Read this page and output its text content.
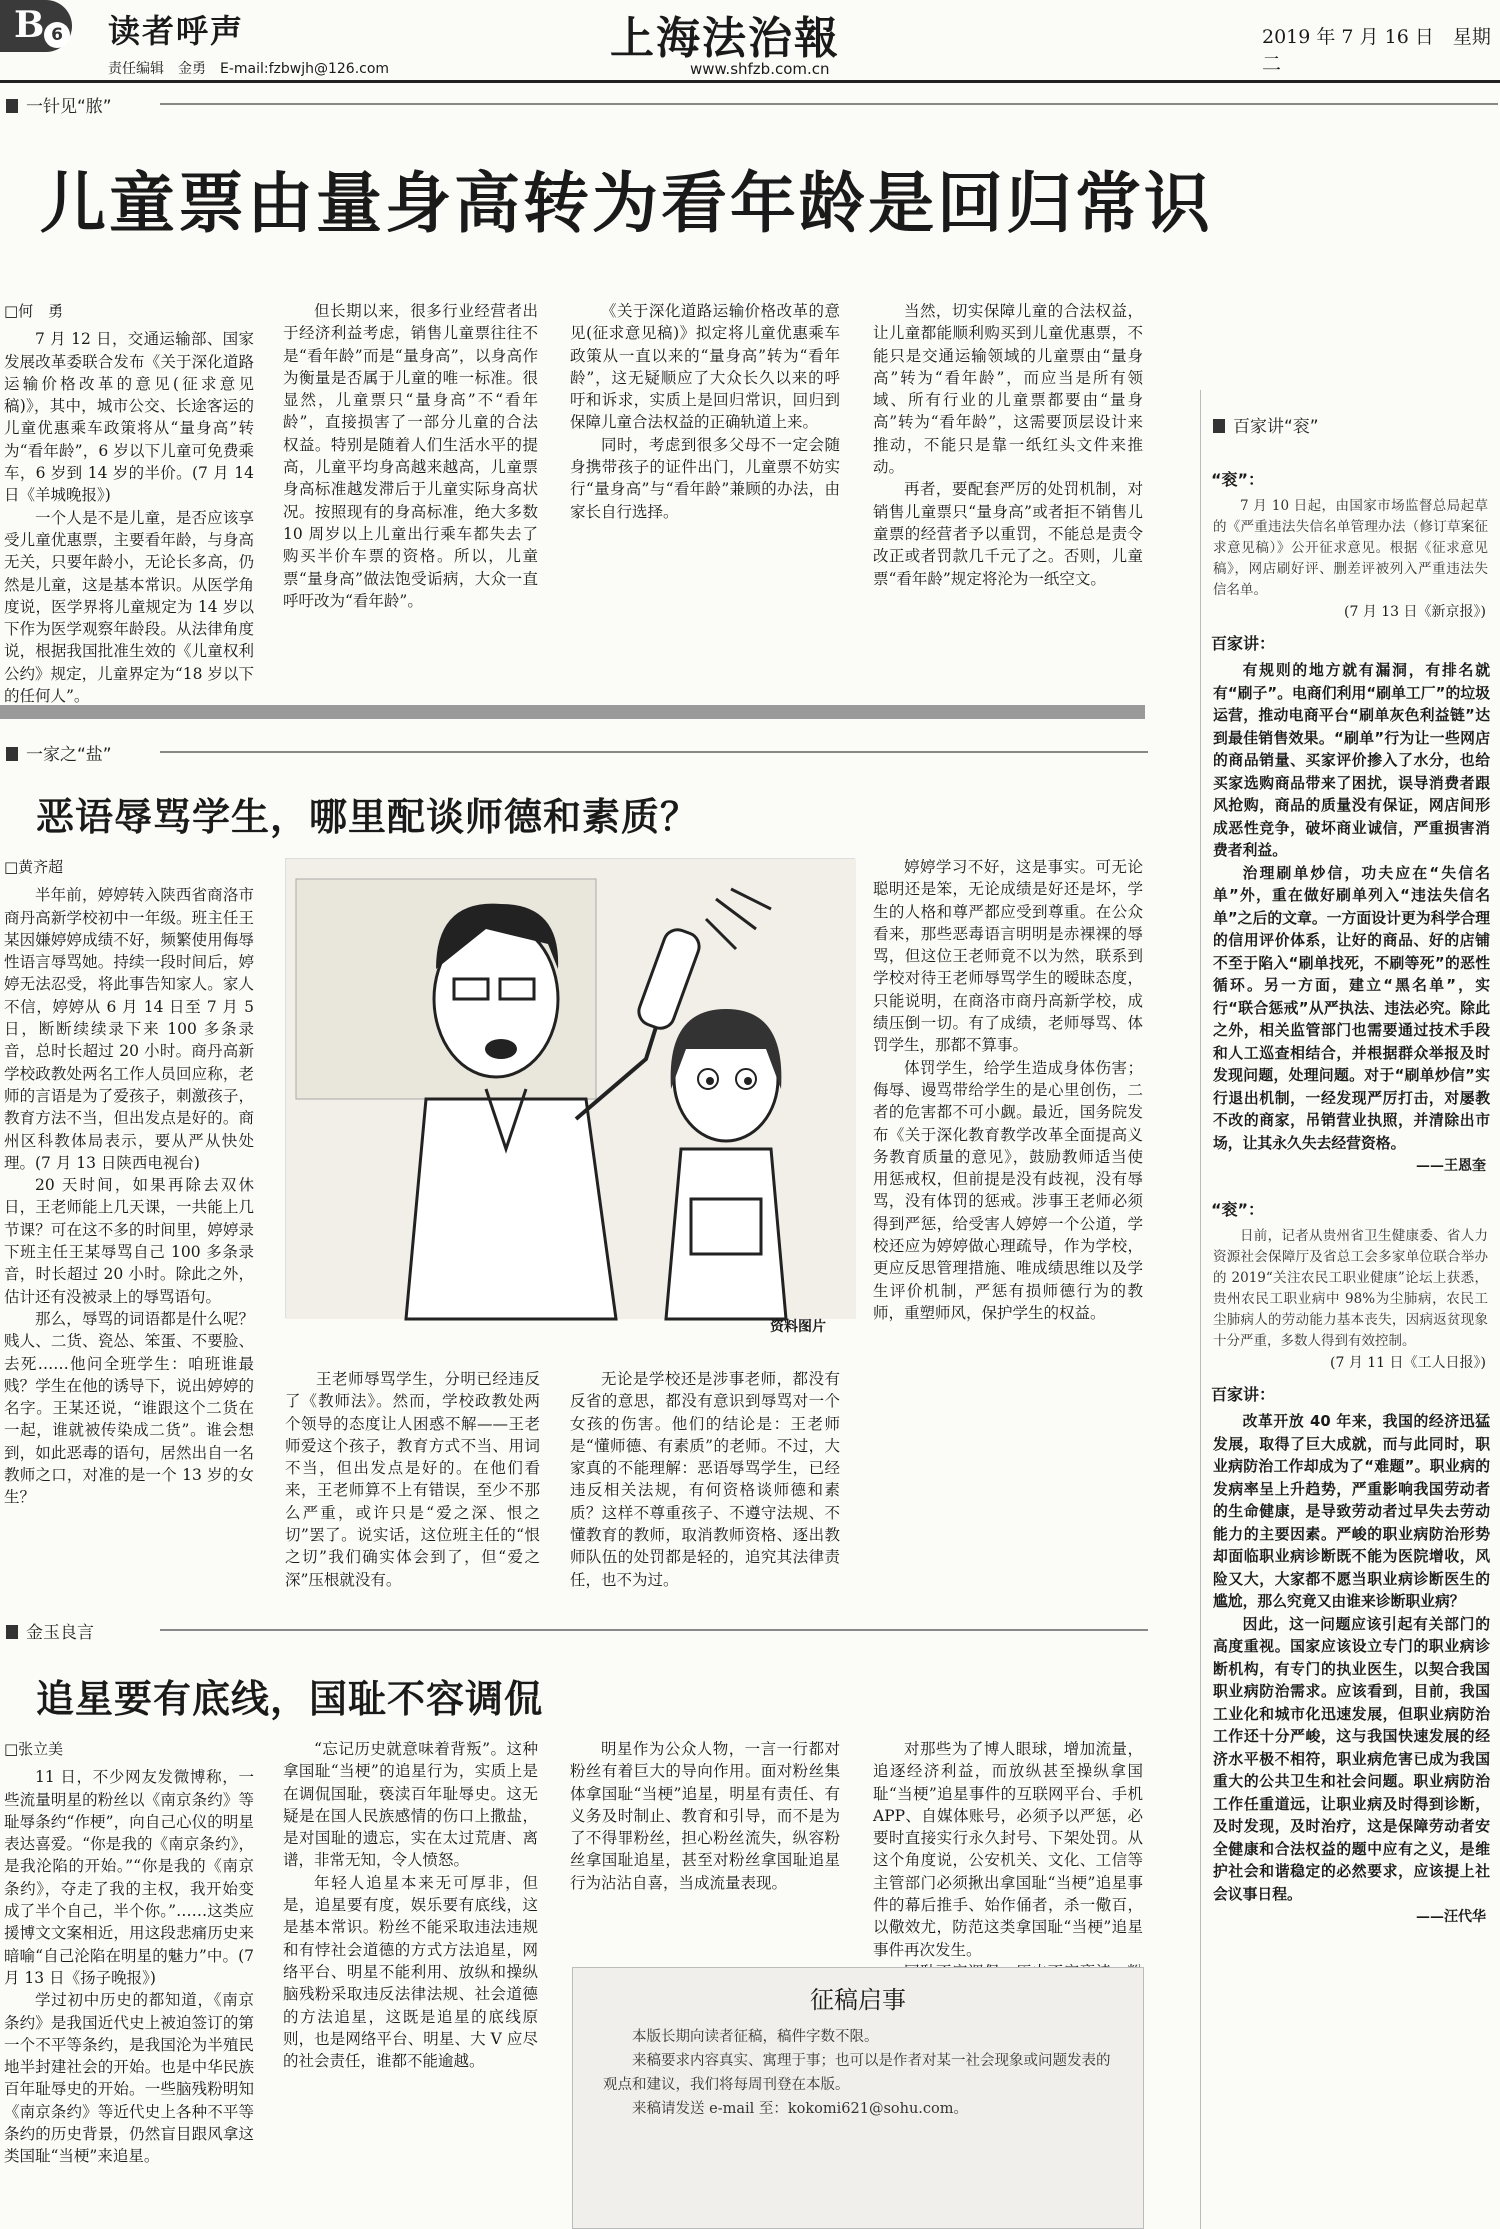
B 6 读者呼声
责任编辑　金勇　E-mail:fzbwjh@126.com
上海法治報
www.shfzb.com.cn
2019 年 7 月 16 日　星期二
一针见“脓”
儿童票由量身高转为看年龄是回归常识
□何　勇

7 月 12 日，交通运输部、国家发展改革委联合发布《关于深化道路运输价格改革的意见(征求意见稿)》，其中，城市公交、长途客运的儿童优惠乘车政策将从“量身高”转为“看年龄”，6 岁以下儿童可免费乘车，6 岁到 14 岁的半价。(7 月 14 日《羊城晚报》)

一个人是不是儿童，是否应该享受儿童优惠票，主要看年龄，与身高无关，只要年龄小，无论长多高，仍然是儿童，这是基本常识。从医学角度说，医学界将儿童规定为 14 岁以下作为医学观察年龄段。从法律角度说，根据我国批准生效的《儿童权利公约》规定，儿童界定为“18 岁以下的任何人”。

但长期以来，很多行业经营者出于经济利益考虑，销售儿童票往往不是“看年龄”而是“量身高”，以身高作为衡量是否属于儿童的唯一标准。很显然，儿童票只“量身高”不“看年龄”，直接损害了一部分儿童的合法权益。特别是随着人们生活水平的提高，儿童平均身高越来越高，儿童票身高标准越发滞后于儿童实际身高状况。按照现有的身高标准，绝大多数 10 周岁以上儿童出行乘车都失去了购买半价车票的资格。所以，儿童票“量身高”做法饱受诟病，大众一直呼吁改为“看年龄”。

《关于深化道路运输价格改革的意见(征求意见稿)》拟定将儿童优惠乘车政策从一直以来的“量身高”转为“看年龄”，这无疑顺应了大众长久以来的呼吁和诉求，实质上是回归常识，回归到保障儿童合法权益的正确轨道上来。

同时，考虑到很多父母不一定会随身携带孩子的证件出门，儿童票不妨实行“量身高”与“看年龄”兼顾的办法，由家长自行选择。

当然，切实保障儿童的合法权益，让儿童都能顺利购买到儿童优惠票，不能只是交通运输领域的儿童票由“量身高”转为“看年龄”，而应当是所有领域、所有行业的儿童票都要由“量身高”转为“看年龄”，这需要顶层设计来推动，不能只是靠一纸红头文件来推动。

再者，要配套严厉的处罚机制，对销售儿童票只“量身高”或者拒不销售儿童票的经营者予以重罚，不能总是责令改正或者罚款几千元了之。否则，儿童票“看年龄”规定将沦为一纸空文。

一家之“盐”
恶语辱骂学生，哪里配谈师德和素质？
□黄齐超

半年前，婷婷转入陕西省商洛市商丹高新学校初中一年级。班主任王某因嫌婷婷成绩不好，频繁使用侮辱性语言辱骂她。持续一段时间后，婷婷无法忍受，将此事告知家人。家人不信，婷婷从 6 月 14 日至 7 月 5 日，断断续续录下来 100 多条录音，总时长超过 20 小时。商丹高新学校政教处两名工作人员回应称，老师的言语是为了爱孩子，刺激孩子，教育方法不当，但出发点是好的。商州区科教体局表示，要从严从快处理。(7 月 13 日陕西电视台)

20 天时间，如果再除去双休日，王老师能上几天课，一共能上几节课？可在这不多的时间里，婷婷录下班主任王某辱骂自己 100 多条录音，时长超过 20 小时。除此之外，估计还有没被录上的辱骂语句。

那么，辱骂的词语都是什么呢？贱人、二货、瓷怂、笨蛋、不要脸、去死……他问全班学生：咱班谁最贱？学生在他的诱导下，说出婷婷的名字。王某还说，“谁跟这个二货在一起，谁就被传染成二货”。谁会想到，如此恶毒的语句，居然出自一名教师之口，对准的是一个 13 岁的女生？

资料图片

王老师辱骂学生，分明已经违反了《教师法》。然而，学校政教处两个领导的态度让人困惑不解——王老师爱这个孩子，教育方式不当、用词不当，但出发点是好的。在他们看来，王老师算不上有错误，至少不那么严重，或许只是“爱之深、恨之切”罢了。说实话，这位班主任的“恨之切”我们确实体会到了，但“爱之深”压根就没有。

无论是学校还是涉事老师，都没有反省的意思，都没有意识到辱骂对一个女孩的伤害。他们的结论是：王老师是“懂师德、有素质”的老师。不过，大家真的不能理解：恶语辱骂学生，已经违反相关法规，有何资格谈师德和素质？这样不尊重孩子、不遵守法规、不懂教育的教师，取消教师资格、逐出教师队伍的处罚都是轻的，追究其法律责任，也不为过。

婷婷学习不好，这是事实。可无论聪明还是笨，无论成绩是好还是坏，学生的人格和尊严都应受到尊重。在公众看来，那些恶毒语言明明是赤裸裸的辱骂，但这位王老师竟不以为然，联系到学校对待王老师辱骂学生的暧昧态度，只能说明，在商洛市商丹高新学校，成绩压倒一切。有了成绩，老师辱骂、体罚学生，那都不算事。

体罚学生，给学生造成身体伤害；侮辱、谩骂带给学生的是心里创伤，二者的危害都不可小觑。最近，国务院发布《关于深化教育教学改革全面提高义务教育质量的意见》，鼓励教师适当使用惩戒权，但前提是没有歧视，没有辱骂，没有体罚的惩戒。涉事王老师必须得到严惩，给受害人婷婷一个公道，学校还应为婷婷做心理疏导，作为学校，更应反思管理措施、唯成绩思维以及学生评价机制，严惩有损师德行为的教师，重塑师风，保护学生的权益。

金玉良言
追星要有底线，国耻不容调侃
□张立美

11 日，不少网友发微博称，一些流量明星的粉丝以《南京条约》等耻辱条约“作梗”，向自己心仪的明星表达喜爱。“你是我的《南京条约》，是我沦陷的开始。”“你是我的《南京条约》，夺走了我的主权，我开始变成了半个自己，半个你。”……这类应援博文文案相近，用这段悲痛历史来暗喻“自己沦陷在明星的魅力”中。(7 月 13 日《扬子晚报》)

学过初中历史的都知道，《南京条约》是我国近代史上被迫签订的第一个不平等条约，是我国沦为半殖民地半封建社会的开始。也是中华民族百年耻辱史的开始。一些脑残粉明知《南京条约》等近代史上各种不平等条约的历史背景，仍然盲目跟风拿这类国耻“当梗”来追星。

“忘记历史就意味着背叛”。这种拿国耻“当梗”的追星行为，实质上是在调侃国耻，亵渎百年耻辱史。这无疑是在国人民族感情的伤口上撒盐，是对国耻的遗忘，实在太过荒唐、离谱，非常无知，令人愤怒。

年轻人追星本来无可厚非，但是，追星要有度，娱乐要有底线，这是基本常识。粉丝不能采取违法违规和有悖社会道德的方式方法追星，网络平台、明星不能利用、放纵和操纵脑残粉采取违反法律法规、社会道德的方法追星，这既是追星的底线原则，也是网络平台、明星、大 V 应尽的社会责任，谁都不能逾越。

明星作为公众人物，一言一行都对粉丝有着巨大的导向作用。面对粉丝集体拿国耻“当梗”追星，明星有责任、有义务及时制止、教育和引导，而不是为了不得罪粉丝，担心粉丝流失，纵容粉丝拿国耻追星，甚至对粉丝拿国耻追星行为沾沾自喜，当成流量表现。

对那些为了博人眼球，增加流量，追逐经济利益，而放纵甚至操纵拿国耻“当梗”追星事件的互联网平台、手机 APP、自媒体账号，必须予以严惩，必要时直接实行永久封号、下架处罚。从这个角度说，公安机关、文化、工信等主管部门必须揪出拿国耻“当梗”追星事件的幕后推手、始作俑者，杀一儆百，以儆效尤，防范这类拿国耻“当梗”追星事件再次发生。

征稿启事

本版长期向读者征稿，稿件字数不限。

来稿要求内容真实、寓理于事；也可以是作者对某一社会现象或问题发表的观点和建议，我们将每周刊登在本版。

来稿请发送 e-mail 至：kokomi621@sohu.com。

百家讲“衮”
“衮”：

7 月 10 日起，由国家市场监督总局起草的《严重违法失信名单管理办法（修订草案征求意见稿）》公开征求意见。根据《征求意见稿》，网店刷好评、删差评被列入严重违法失信名单。

(7 月 13 日《新京报》)
百家讲：

有规则的地方就有漏洞，有排名就有“刷子”。电商们利用“刷单工厂”的垃圾运营，推动电商平台“刷单灰色利益链”达到最佳销售效果。“刷单”行为让一些网店的商品销量、买家评价掺入了水分，也给买家选购商品带来了困扰，误导消费者跟风抢购，商品的质量没有保证，网店间形成恶性竞争，破坏商业诚信，严重损害消费者利益。

治理刷单炒信，功夫应在“失信名单”外，重在做好刷单列入“违法失信名单”之后的文章。一方面设计更为科学合理的信用评价体系，让好的商品、好的店铺不至于陷入“刷单找死，不刷等死”的恶性循环。另一方面，建立“黑名单”，实行“联合惩戒”从严执法、违法必究。除此之外，相关监管部门也需要通过技术手段和人工巡查相结合，并根据群众举报及时发现问题，处理问题。对于“刷单炒信”实行退出机制，一经发现严厉打击，对屡教不改的商家，吊销营业执照，并清除出市场，让其永久失去经营资格。

——王恩奎
“衮”：

日前，记者从贵州省卫生健康委、省人力资源社会保障厅及省总工会多家单位联合举办的 2019“关注农民工职业健康”论坛上获悉，贵州农民工职业病中 98%为尘肺病，农民工尘肺病人的劳动能力基本丧失，因病返贫现象十分严重，多数人得到有效控制。

(7 月 11 日《工人日报》)
百家讲：

改革开放 40 年来，我国的经济迅猛发展，取得了巨大成就，而与此同时，职业病防治工作却成为了“难题”。职业病的发病率呈上升趋势，严重影响我国劳动者的生命健康，是导致劳动者过早失去劳动能力的主要因素。严峻的职业病防治形势却面临职业病诊断既不能为医院增收，风险又大，大家都不愿当职业病诊断医生的尴尬，那么究竟又由谁来诊断职业病？

因此，这一问题应该引起有关部门的高度重视。国家应该设立专门的职业病诊断机构，有专门的执业医生，以契合我国职业病防治需求。应该看到，目前，我国工业化和城市化迅速发展，但职业病防治工作还十分严峻，这与我国快速发展的经济水平极不相符，职业病危害已成为我国重大的公共卫生和社会问题。职业病防治工作任重道远，让职业病及时得到诊断，及时发现，及时治疗，这是保障劳动者安全健康和合法权益的题中应有之义，是维护社会和谐稳定的必然要求，应该提上社会议事日程。

——汪代华
